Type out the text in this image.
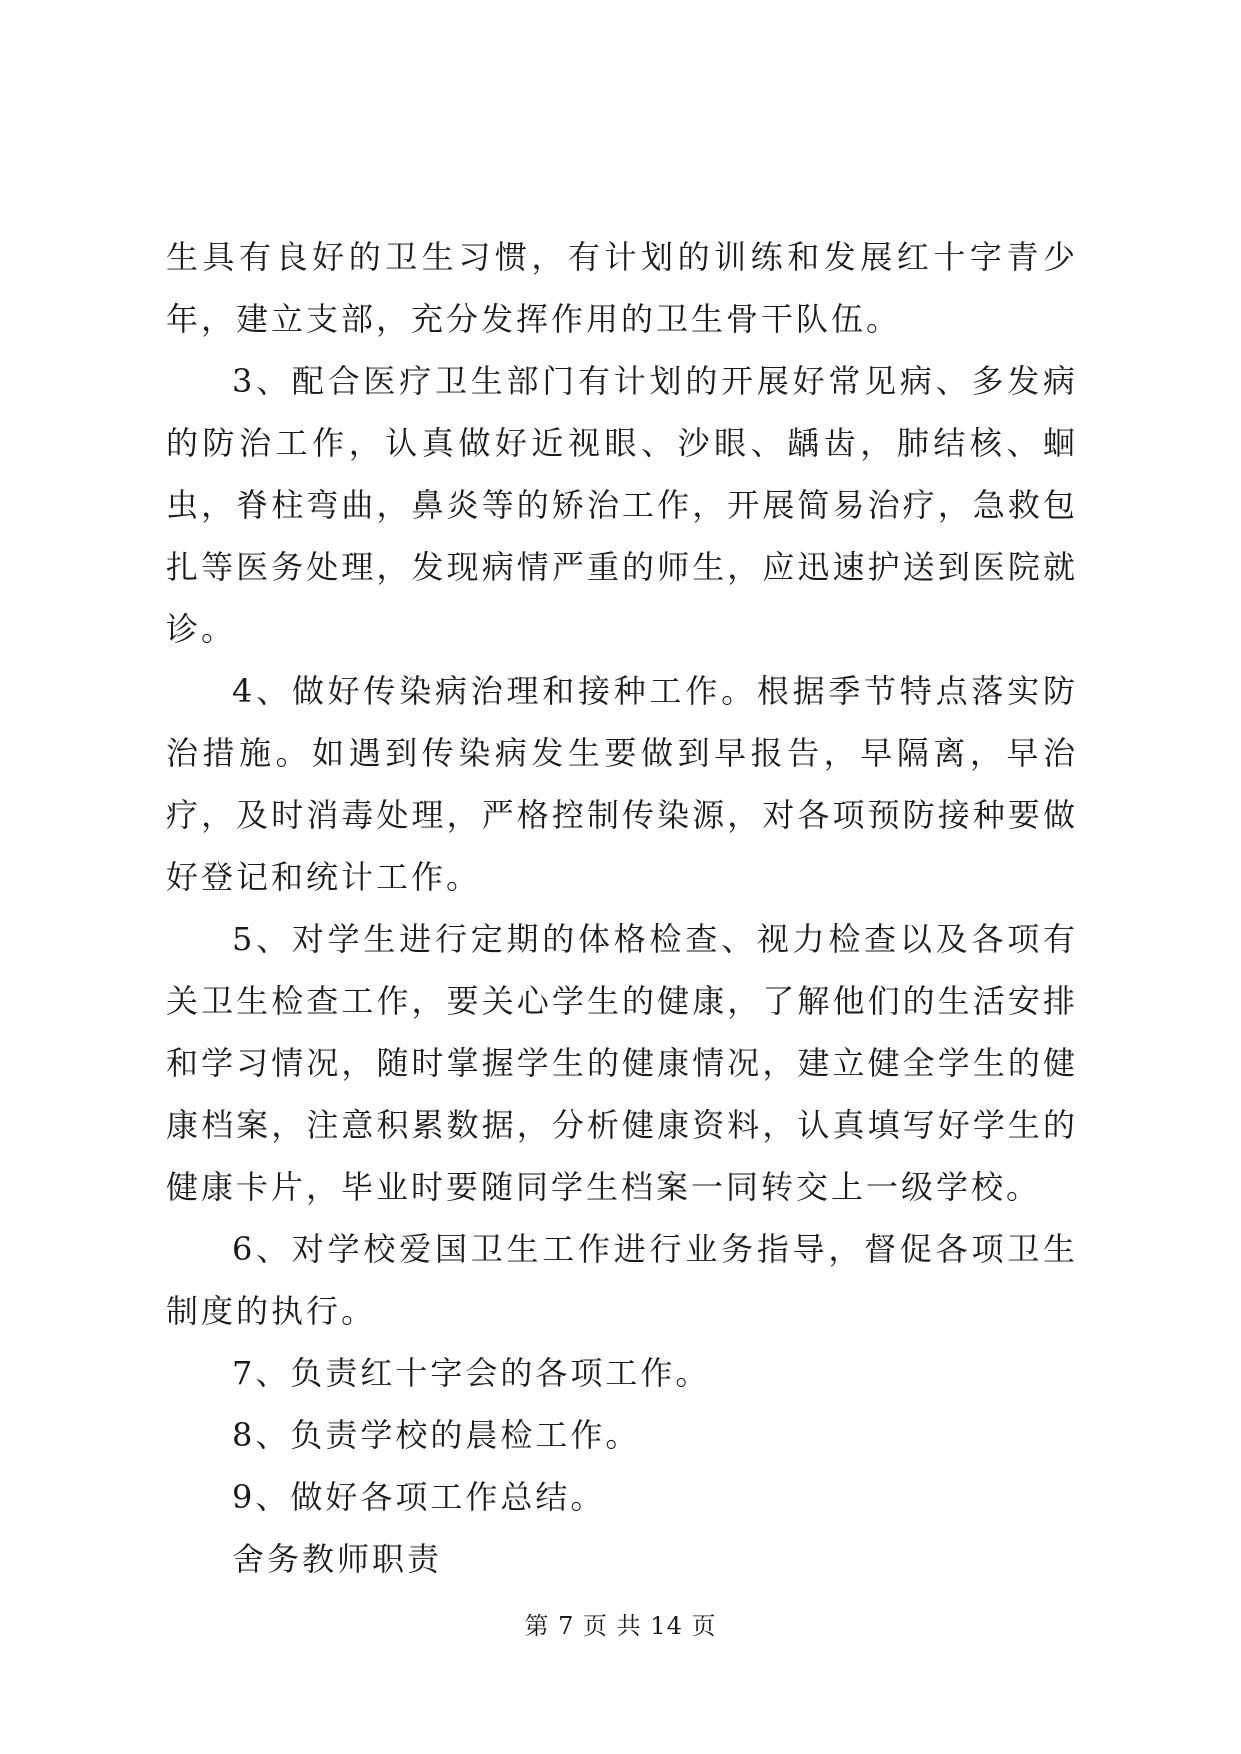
生具有良好的卫生习惯，有计划的训练和发展红十字青少年，建立支部，充分发挥作用的卫生骨干队伍。

3、配合医疗卫生部门有计划的开展好常见病、多发病的防治工作，认真做好近视眼、沙眼、龋齿，肺结核、蛔虫，脊柱弯曲，鼻炎等的矫治工作，开展简易治疗，急救包扎等医务处理，发现病情严重的师生，应迅速护送到医院就诊。

4、做好传染病治理和接种工作。根据季节特点落实防治措施。如遇到传染病发生要做到早报告，早隔离，早治疗，及时消毒处理，严格控制传染源，对各项预防接种要做好登记和统计工作。

5、对学生进行定期的体格检查、视力检查以及各项有关卫生检查工作，要关心学生的健康，了解他们的生活安排和学习情况，随时掌握学生的健康情况，建立健全学生的健康档案，注意积累数据，分析健康资料，认真填写好学生的健康卡片，毕业时要随同学生档案一同转交上一级学校。

6、对学校爱国卫生工作进行业务指导，督促各项卫生制度的执行。

7、负责红十字会的各项工作。

8、负责学校的晨检工作。

9、做好各项工作总结。

舍务教师职责

第 7 页 共 14 页
